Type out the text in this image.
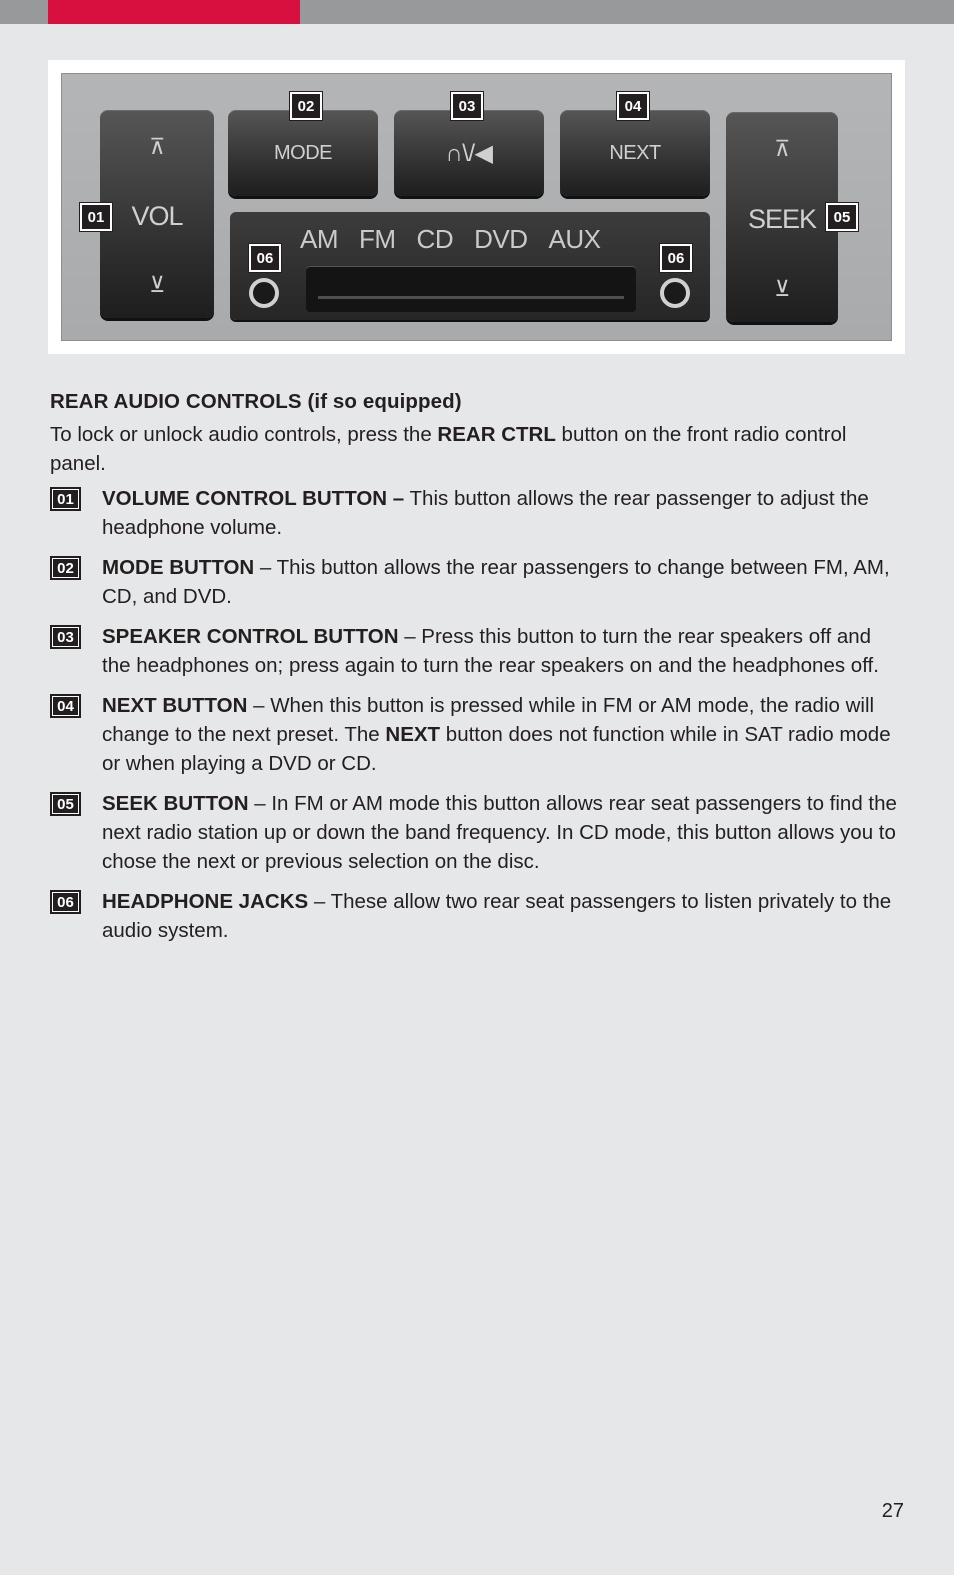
⊼
VOL
⊻
MODE	∩\/◀	NEXT	⊼
SEEK
⊻
AM FM CD DVD AUX
01
02	03	04
05
06	06

REAR AUDIO CONTROLS (if so equipped)

To lock or unlock audio controls, press the REAR CTRL button on the front radio control panel.

01	VOLUME CONTROL BUTTON – This button allows the rear passenger to adjust the headphone volume.
02	MODE BUTTON – This button allows the rear passengers to change between FM, AM, CD, and DVD.
03	SPEAKER CONTROL BUTTON – Press this button to turn the rear speakers off and the headphones on; press again to turn the rear speakers on and the headphones off.
04	NEXT BUTTON – When this button is pressed while in FM or AM mode, the radio will change to the next preset. The NEXT button does not function while in SAT radio mode or when playing a DVD or CD.
05	SEEK BUTTON – In FM or AM mode this button allows rear seat passengers to find the next radio station up or down the band frequency. In CD mode, this button allows you to chose the next or previous selection on the disc.
06	HEADPHONE JACKS – These allow two rear seat passengers to listen privately to the audio system.
27
